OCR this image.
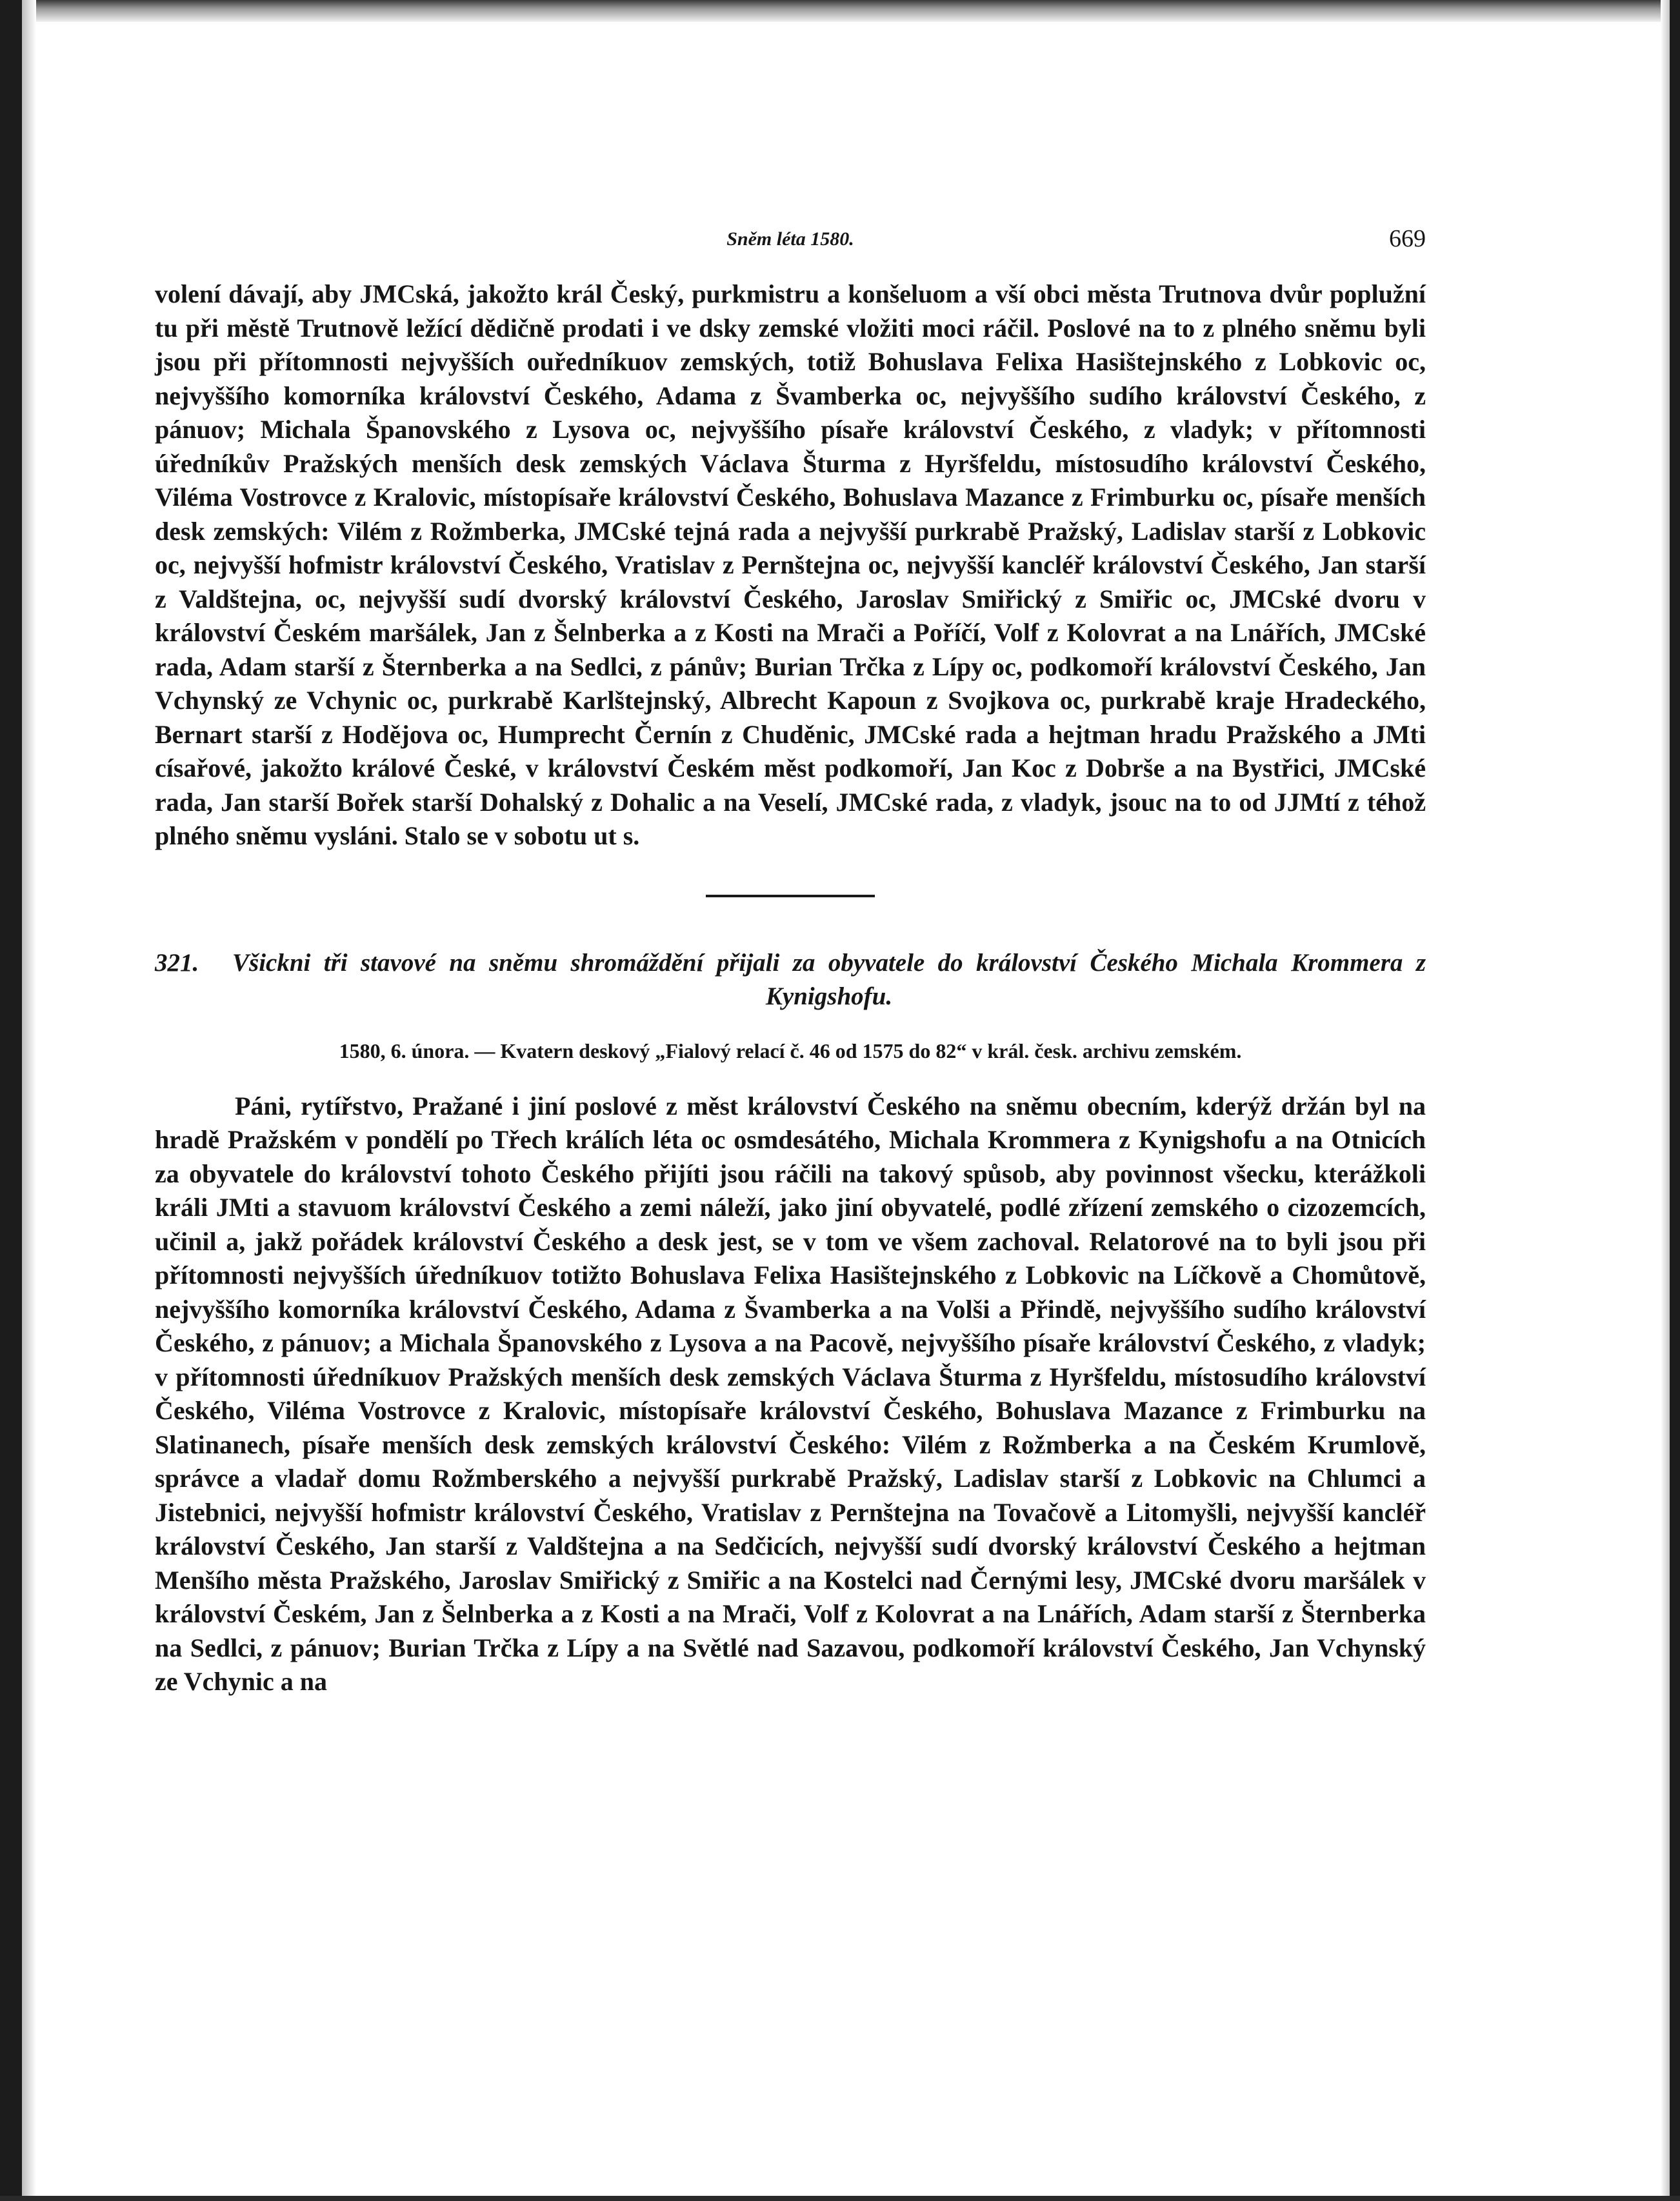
Sněm léta 1580.	669

volení dávají, aby JMCská, jakožto král Český, purkmistru a konšeluom a vší obci města Trutnova dvůr poplužní tu při městě Trutnově ležící dědičně prodati i ve dsky zemské vložiti moci ráčil. Poslové na to z plného sněmu byli jsou při přítomnosti nejvyšších ouředníkuov zemských, totiž Bohuslava Felixa Hasištejnského z Lobkovic oc, nejvyššího komorníka království Českého, Adama z Švamberka oc, nejvyššího sudího království Českého, z pánuov; Michala Španovského z Lysova oc, nejvyššího písaře království Českého, z vladyk; v přítomnosti úředníkův Pražských menších desk zemských Václava Šturma z Hyršfeldu, místosudího království Českého, Viléma Vostrovce z Kralovic, místopísaře království Českého, Bohuslava Mazance z Frimburku oc, písaře menších desk zemských: Vilém z Rožmberka, JMCské tejná rada a nejvyšší purkrabě Pražský, Ladislav starší z Lobkovic oc, nejvyšší hofmistr království Českého, Vratislav z Pernštejna oc, nejvyšší kancléř království Českého, Jan starší z Valdštejna, oc, nejvyšší sudí dvorský království Českého, Jaroslav Smiřický z Smiřic oc, JMCské dvoru v království Českém maršálek, Jan z Šelnberka a z Kosti na Mrači a Poříčí, Volf z Kolovrat a na Lnářích, JMCské rada, Adam starší z Šternberka a na Sedlci, z pánův; Burian Trčka z Lípy oc, podkomoří království Českého, Jan Vchynský ze Vchynic oc, purkrabě Karlštejnský, Albrecht Kapoun z Svojkova oc, purkrabě kraje Hradeckého, Bernart starší z Hodějova oc, Humprecht Černín z Chuděnic, JMCské rada a hejtman hradu Pražského a JMti císařové, jakožto králové České, v království Českém měst podkomoří, Jan Koc z Dobrše a na Bystřici, JMCské rada, Jan starší Bořek starší Dohalský z Dohalic a na Veselí, JMCské rada, z vladyk, jsouc na to od JJMtí z téhož plného sněmu vysláni. Stalo se v sobotu ut s.

321.	Všickni tři stavové na sněmu shromáždění přijali za obyvatele do království Českého Michala Krommera z Kynigshofu.
1580, 6. února. — Kvatern deskový „Fialový relací č. 46 od 1575 do 82“ v král. česk. archivu zemském.

Páni, rytířstvo, Pražané i jiní poslové z měst království Českého na sněmu obecním, kderýž držán byl na hradě Pražském v pondělí po Třech králích léta oc osmdesátého, Michala Krommera z Kynigshofu a na Otnicích za obyvatele do království tohoto Českého přijíti jsou ráčili na takový spůsob, aby povinnost všecku, kterážkoli králi JMti a stavuom království Českého a zemi náleží, jako jiní obyvatelé, podlé zřízení zemského o cizozemcích, učinil a, jakž pořádek království Českého a desk jest, se v tom ve všem zachoval. Relatorové na to byli jsou při přítomnosti nejvyšších úředníkuov totižto Bohuslava Felixa Hasištejnského z Lobkovic na Líčkově a Chomůtově, nejvyššího komorníka království Českého, Adama z Švamberka a na Volši a Přindě, nejvyššího sudího království Českého, z pánuov; a Michala Španovského z Lysova a na Pacově, nejvyššího písaře království Českého, z vladyk; v přítomnosti úředníkuov Pražských menších desk zemských Václava Šturma z Hyršfeldu, místosudího království Českého, Viléma Vostrovce z Kralovic, místopísaře království Českého, Bohuslava Mazance z Frimburku na Slatinanech, písaře menších desk zemských království Českého: Vilém z Rožmberka a na Českém Krumlově, správce a vladař domu Rožmberského a nejvyšší purkrabě Pražský, Ladislav starší z Lobkovic na Chlumci a Jistebnici, nejvyšší hofmistr království Českého, Vratislav z Pernštejna na Tovačově a Litomyšli, nejvyšší kancléř království Českého, Jan starší z Valdštejna a na Sedčicích, nejvyšší sudí dvorský království Českého a hejtman Menšího města Pražského, Jaroslav Smiřický z Smiřic a na Kostelci nad Černými lesy, JMCské dvoru maršálek v království Českém, Jan z Šelnberka a z Kosti a na Mrači, Volf z Kolovrat a na Lnářích, Adam starší z Šternberka na Sedlci, z pánuov; Burian Trčka z Lípy a na Světlé nad Sazavou, podkomoří království Českého, Jan Vchynský ze Vchynic a na
